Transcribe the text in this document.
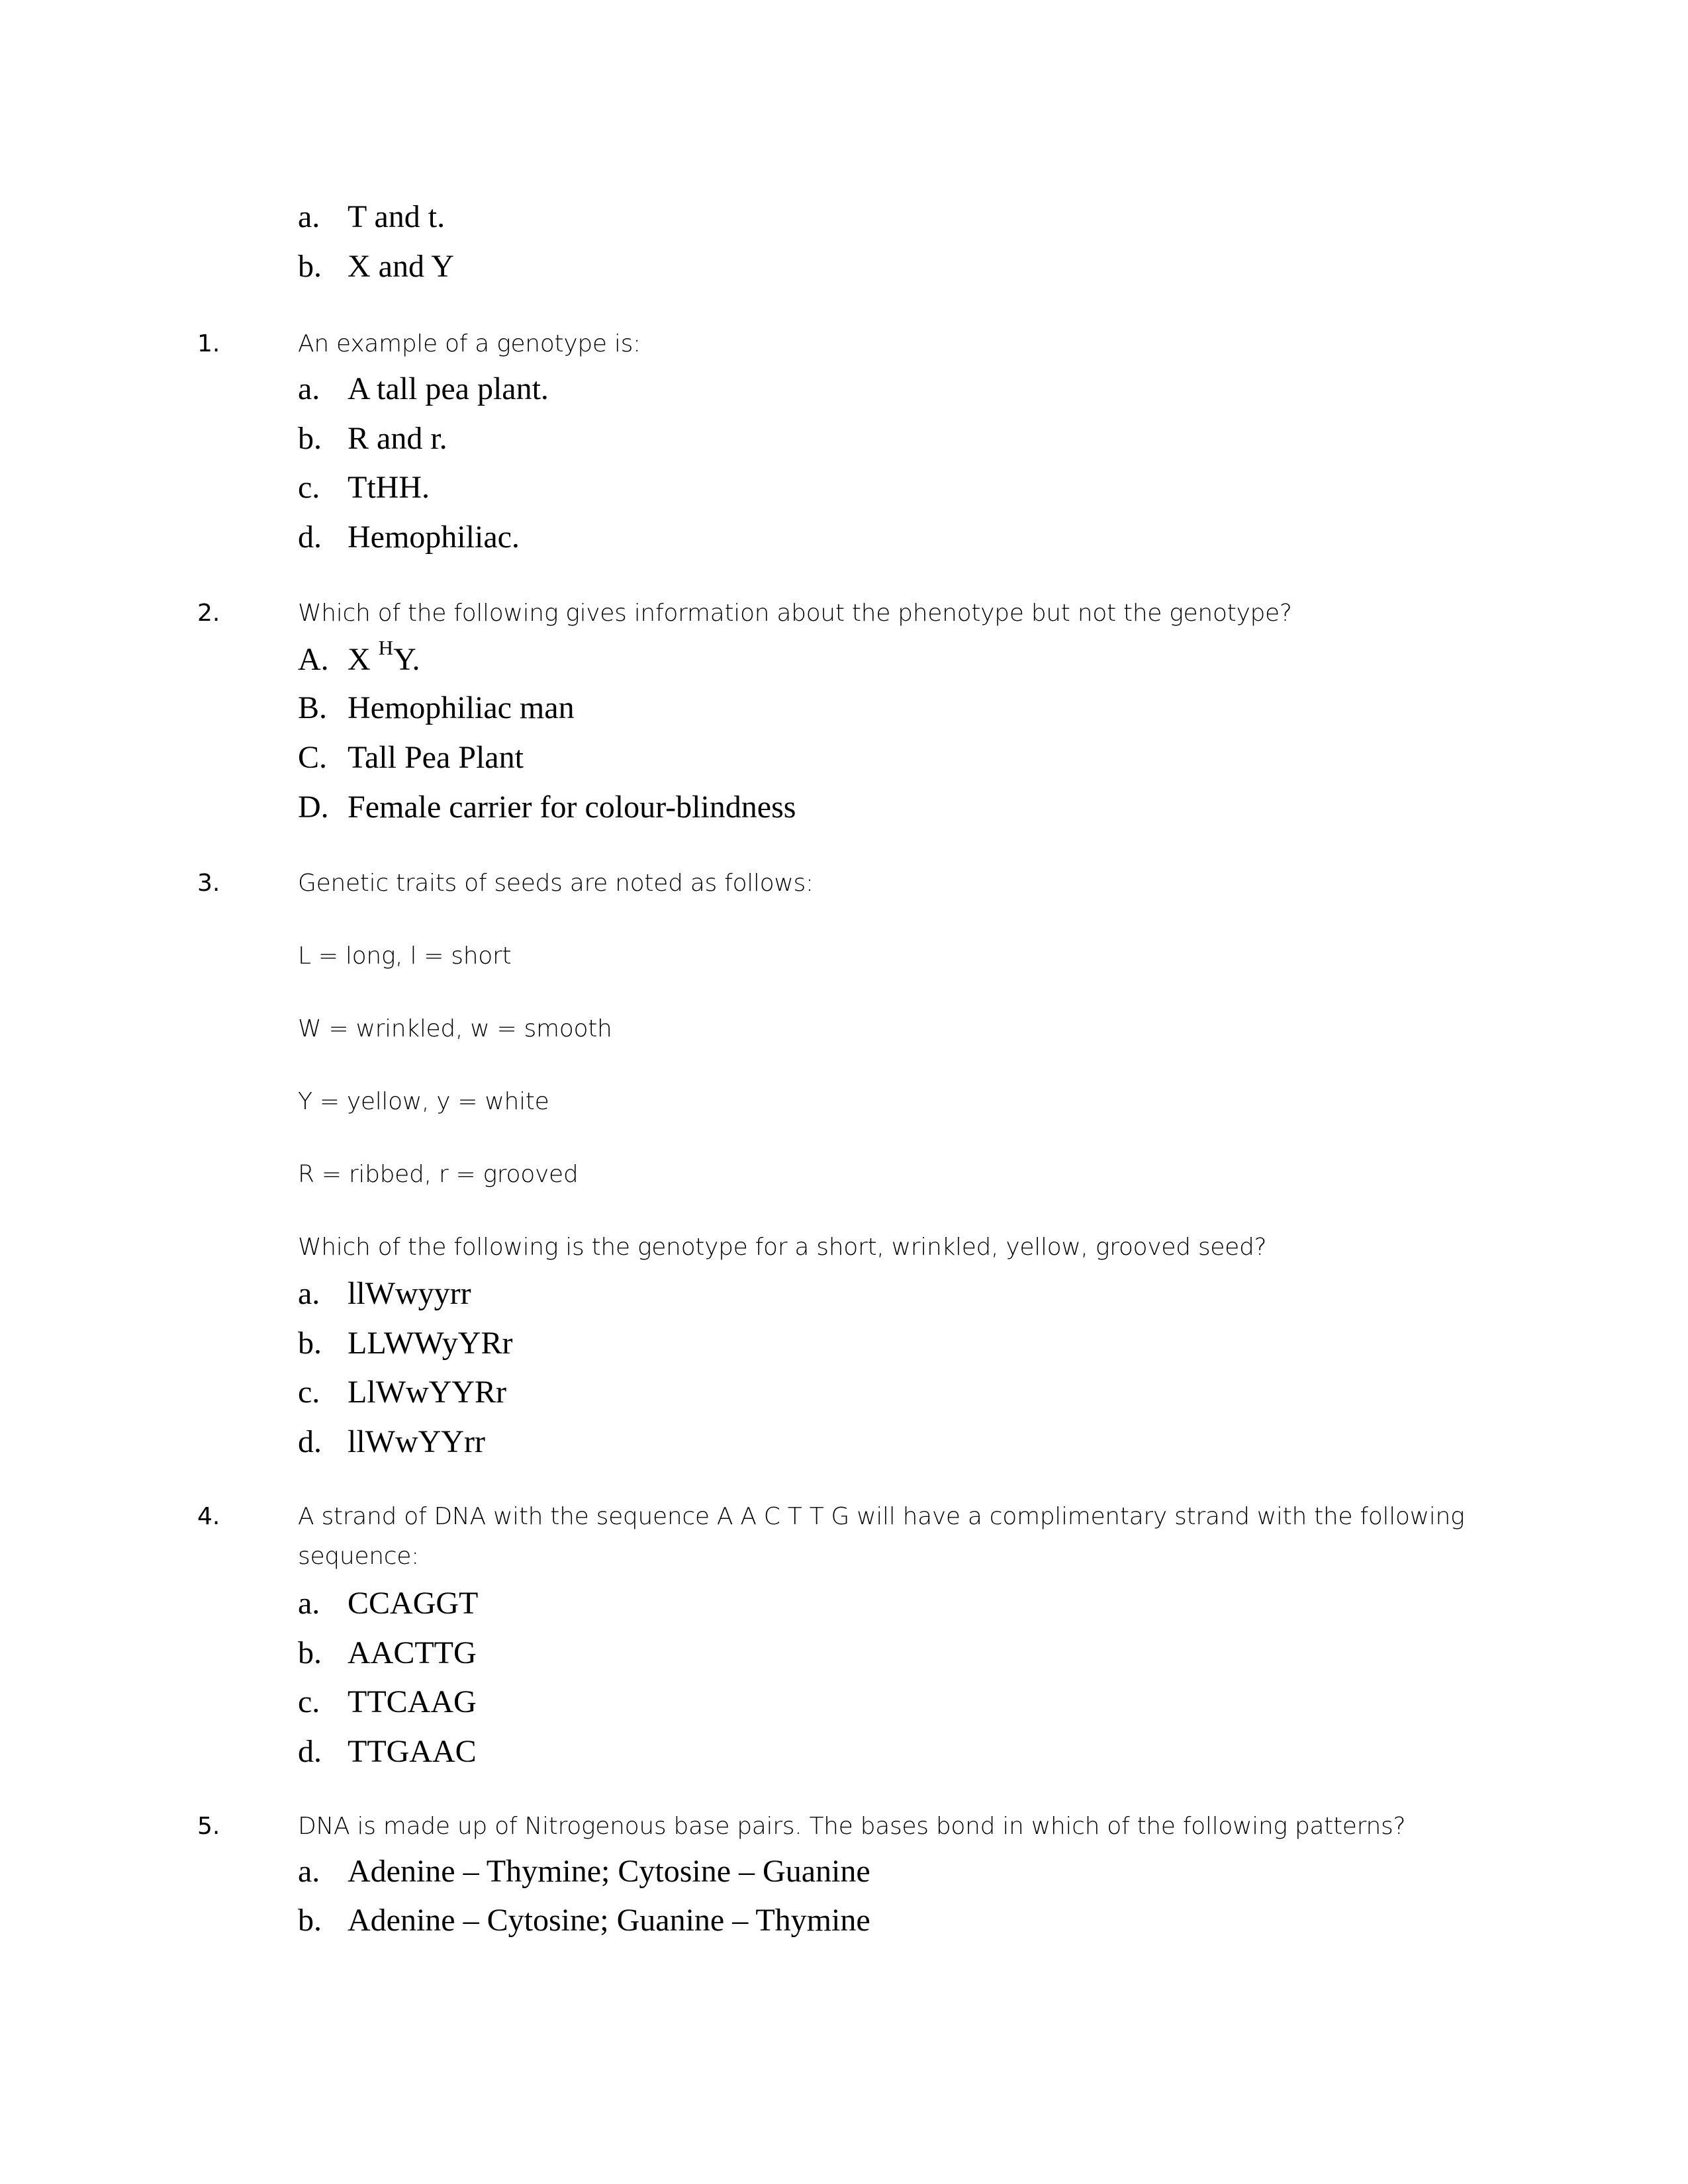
a. T and t.
b. X and Y
1.	An example of a genotype is:
a. A tall pea plant.
b. R and r.
c. TtHH.
d. Hemophiliac.
2.	Which of the following gives information about the phenotype but not the genotype?
A. X $^H$Y.
B. Hemophiliac man
C. Tall Pea Plant
D. Female carrier for colour-blindness
3.	Genetic traits of seeds are noted as follows:
L = long, l = short
W = wrinkled, w = smooth
Y = yellow, y = white
R = ribbed, r = grooved
Which of the following is the genotype for a short, wrinkled, yellow, grooved seed?
a. llWwyyrr
b. LLWWyYRr
c. LlWwYYRr
d. llWwYYrr
4.	A strand of DNA with the sequence A A C T T G will have a complimentary strand with the following sequence:
a. CCAGGT
b. AACTTG
c. TTCAAG
d. TTGAAC
5.	DNA is made up of Nitrogenous base pairs. The bases bond in which of the following patterns?
a. Adenine – Thymine; Cytosine – Guanine
b. Adenine – Cytosine; Guanine – Thymine
